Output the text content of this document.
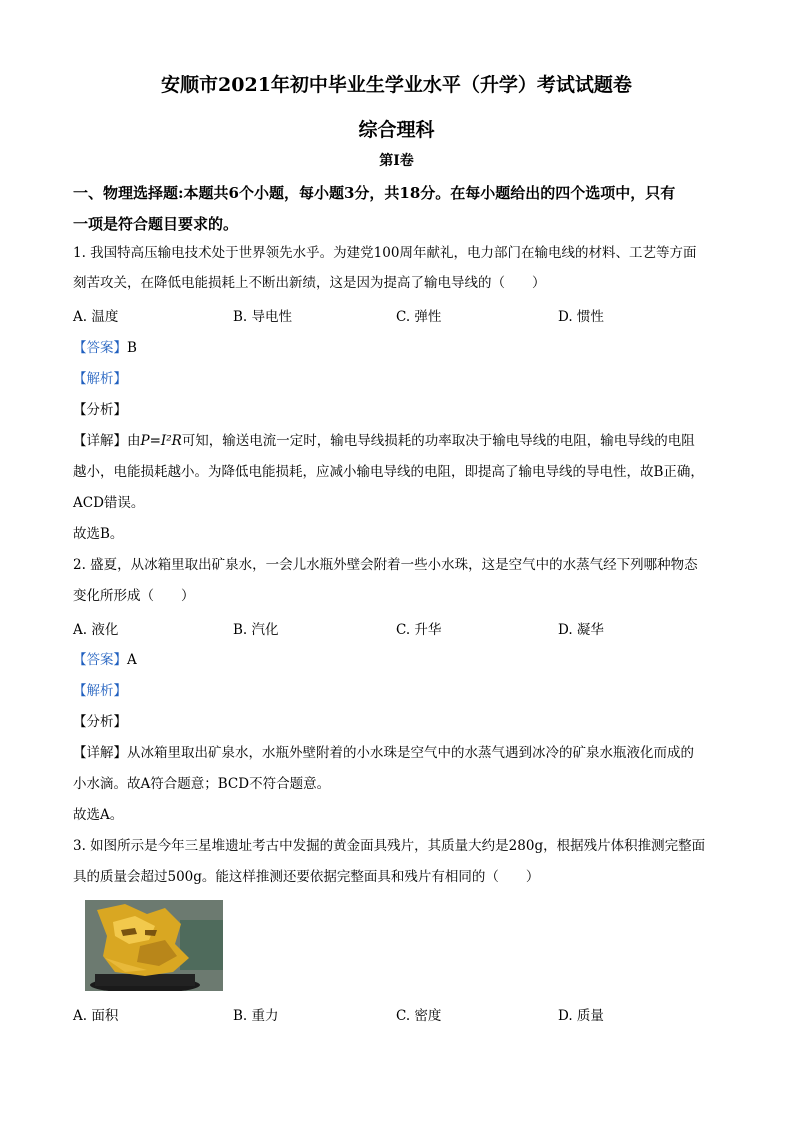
安顺市2021年初中毕业生学业水平（升学）考试试题卷
综合理科
第I卷
一、物理选择题:本题共6个小题，每小题3分，共18分。在每小题给出的四个选项中，只有
一项是符合题目要求的。
1. 我国特高压输电技术处于世界领先水乎。为建党100周年献礼，电力部门在输电线的材料、工艺等方面
刻苦攻关，在降低电能损耗上不断出新绩，这是因为提高了输电导线的（　　）
A. 温度	B. 导电性	C. 弹性	D. 惯性
【答案】B
【解析】
【分析】
【详解】由P=I²R可知，输送电流一定时，输电导线损耗的功率取决于输电导线的电阻，输电导线的电阻
越小，电能损耗越小。为降低电能损耗，应减小输电导线的电阻，即提高了输电导线的导电性，故B正确，
ACD错误。
故选B。
2. 盛夏，从冰箱里取出矿泉水，一会儿水瓶外壁会附着一些小水珠，这是空气中的水蒸气经下列哪种物态
变化所形成（　　）
A. 液化	B. 汽化	C. 升华	D. 凝华
【答案】A
【解析】
【分析】
【详解】从冰箱里取出矿泉水，水瓶外壁附着的小水珠是空气中的水蒸气遇到冰冷的矿泉水瓶液化而成的
小水滴。故A符合题意；BCD不符合题意。
故选A。
3. 如图所示是今年三星堆遗址考古中发掘的黄金面具残片，其质量大约是280g，根据残片体积推测完整面
具的质量会超过500g。能这样推测还要依据完整面具和残片有相同的（　　）
A. 面积	B. 重力	C. 密度	D. 质量
